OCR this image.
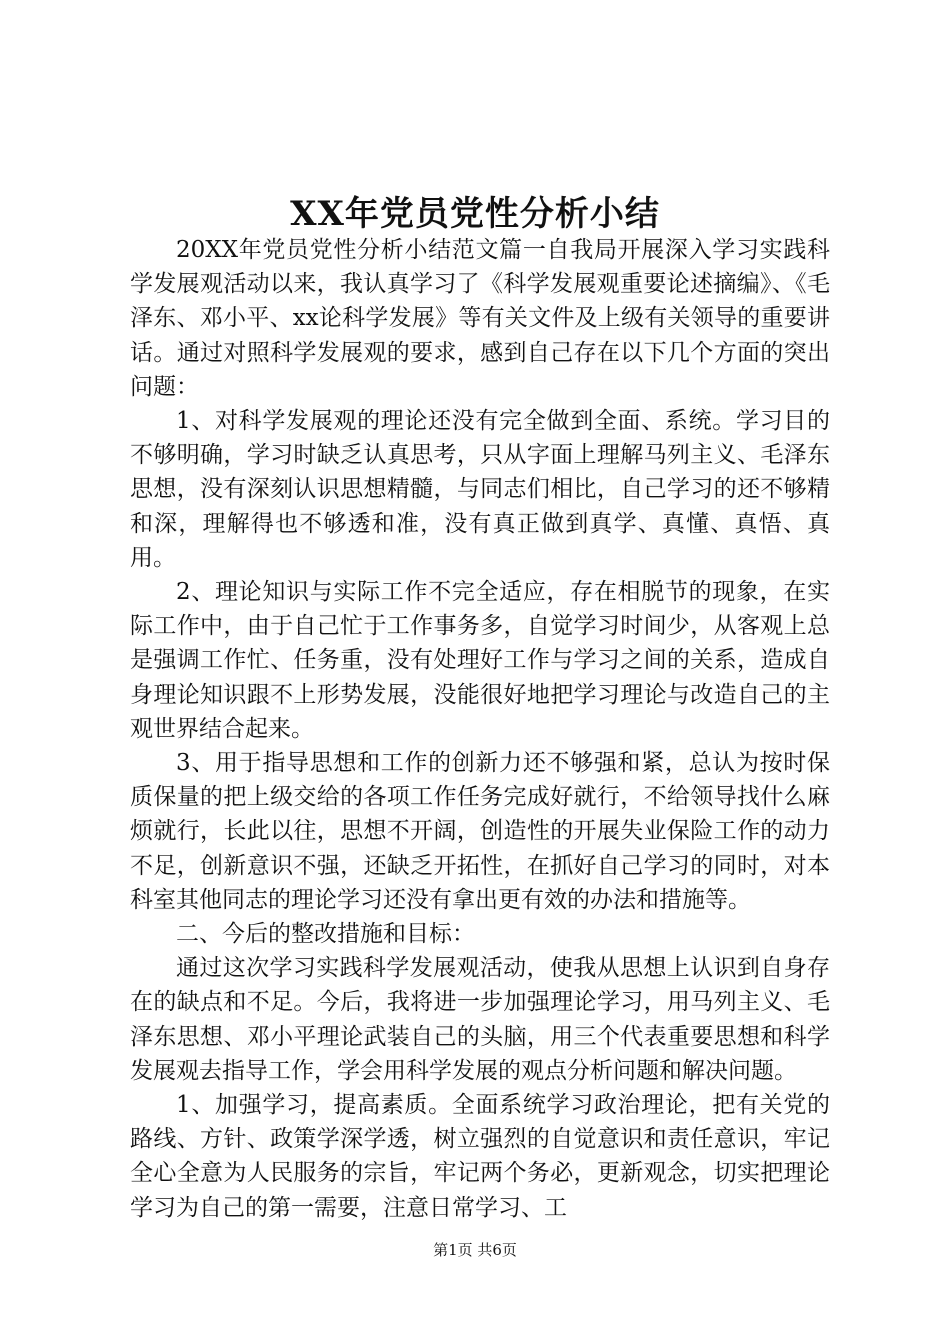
XX年党员党性分析小结

20XX年党员党性分析小结范文篇一自我局开展深入学习实践科学发展观活动以来，我认真学习了《科学发展观重要论述摘编》、《毛泽东、邓小平、xx论科学发展》等有关文件及上级有关领导的重要讲话。通过对照科学发展观的要求，感到自己存在以下几个方面的突出问题：

1、对科学发展观的理论还没有完全做到全面、系统。学习目的不够明确，学习时缺乏认真思考，只从字面上理解马列主义、毛泽东思想，没有深刻认识思想精髓，与同志们相比，自己学习的还不够精和深，理解得也不够透和准，没有真正做到真学、真懂、真悟、真用。

2、理论知识与实际工作不完全适应，存在相脱节的现象，在实际工作中，由于自己忙于工作事务多，自觉学习时间少，从客观上总是强调工作忙、任务重，没有处理好工作与学习之间的关系，造成自身理论知识跟不上形势发展，没能很好地把学习理论与改造自己的主观世界结合起来。

3、用于指导思想和工作的创新力还不够强和紧，总认为按时保质保量的把上级交给的各项工作任务完成好就行，不给领导找什么麻烦就行，长此以往，思想不开阔，创造性的开展失业保险工作的动力不足，创新意识不强，还缺乏开拓性，在抓好自己学习的同时，对本科室其他同志的理论学习还没有拿出更有效的办法和措施等。

二、今后的整改措施和目标：

通过这次学习实践科学发展观活动，使我从思想上认识到自身存在的缺点和不足。今后，我将进一步加强理论学习，用马列主义、毛泽东思想、邓小平理论武装自己的头脑，用三个代表重要思想和科学发展观去指导工作，学会用科学发展的观点分析问题和解决问题。

1、加强学习，提高素质。全面系统学习政治理论，把有关党的路线、方针、政策学深学透，树立强烈的自觉意识和责任意识，牢记全心全意为人民服务的宗旨，牢记两个务必，更新观念，切实把理论学习为自己的第一需要，注意日常学习、工

第1页 共6页
